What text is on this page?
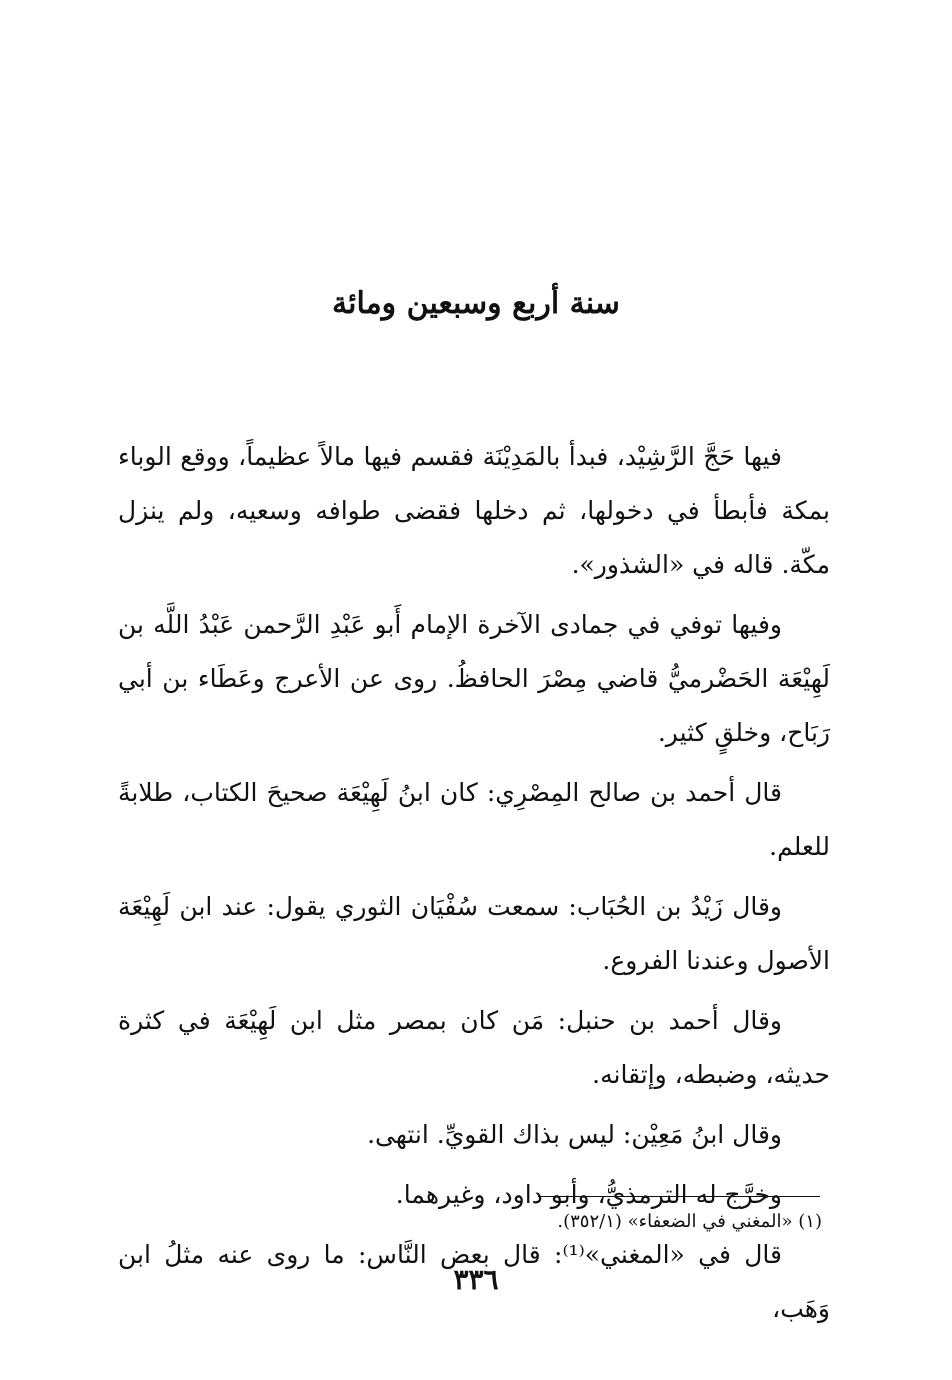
سنة أربع وسبعين ومائة

فيها حَجَّ الرَّشِيْد، فبدأ بالمَدِيْنَة فقسم فيها مالاً عظيماً، ووقع الوباء بمكة فأبطأ في دخولها، ثم دخلها فقضى طوافه وسعيه، ولم ينزل مكّة. قاله في «الشذور».

وفيها توفي في جمادى الآخرة الإمام أَبو عَبْدِ الرَّحمن عَبْدُ اللَّه بن لَهِيْعَة الحَضْرميُّ قاضي مِصْرَ الحافظُ. روى عن الأعرج وعَطَاء بن أبي رَبَاح، وخلقٍ كثير.

قال أحمد بن صالح المِصْرِي: كان ابنُ لَهِيْعَة صحيحَ الكتاب، طلابةً للعلم.

وقال زَيْدُ بن الحُبَاب: سمعت سُفْيَان الثوري يقول: عند ابن لَهِيْعَة الأصول وعندنا الفروع.

وقال أحمد بن حنبل: مَن كان بمصر مثل ابن لَهِيْعَة في كثرة حديثه، وضبطه، وإتقانه.

وقال ابنُ مَعِيْن: ليس بذاك القويِّ. انتهى.

وخرَّج له الترمذيُّ، وأبو داود، وغيرهما.

قال في «المغني»⁽¹⁾: قال بعض النَّاس: ما روى عنه مثلُ ابن وَهَب،

(١) «المغني في الضعفاء» (٣٥٢/١).
٣٣٦
